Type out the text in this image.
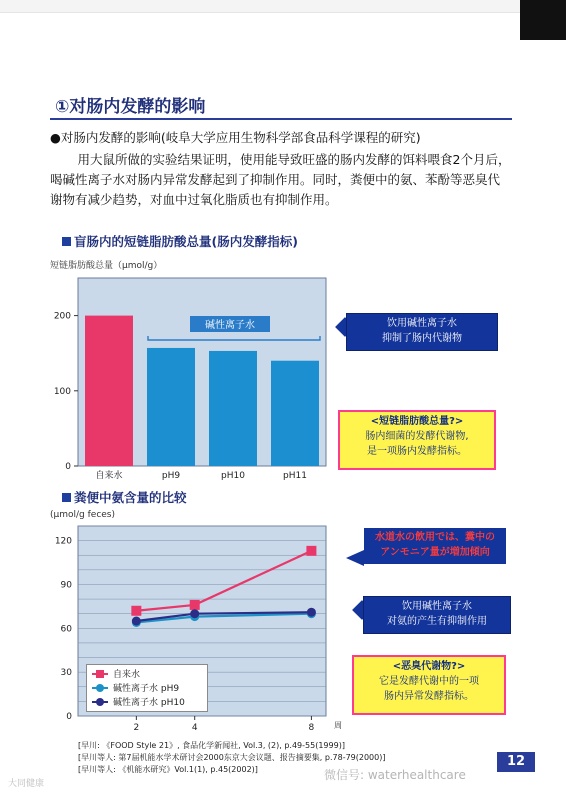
①对肠内发酵的影响
●对肠内发酵的影响(岐阜大学应用生物科学部食品科学课程的研究)
用大鼠所做的实验结果证明，使用能导致旺盛的肠内发酵的饵料喂食2个月后，喝碱性离子水对肠内异常发酵起到了抑制作用。同时，粪便中的氨、苯酚等恶臭代谢物有减少趋势，对血中过氧化脂质也有抑制作用。
盲肠内的短链脂肪酸总量(肠内发酵指标)
短链脂肪酸总量（μmol/g）
0
100
200
自来水	pH9	pH10	pH11
碱性离子水	饮用碱性离子水
抑制了肠内代谢物
<短链脂肪酸总量?>
肠内细菌的发酵代谢物,
是一项肠内发酵指标。
粪便中氨含量的比较
(μmol/g feces)
0
30
60
90
120
2	4	8 周
自来水
碱性离子水 pH9
碱性离子水 pH10
水道水の飲用では、糞中の
アンモニア量が増加傾向
饮用碱性离子水
对氨的产生有抑制作用
<恶臭代谢物?>
它是发酵代谢中的一项
肠内异常发酵指标。
[早川: 《FOOD Style 21》, 食品化学新闻社, Vol.3, (2), p.49-55(1999)]
[早川等人: 第7届机能水学术研讨会2000东京大会议题、报告摘要集, p.78-79(2000)]
[早川等人: 《机能水研究》Vol.1(1), p.45(2002)]
12
微信号: waterhealthcare
大同健康
